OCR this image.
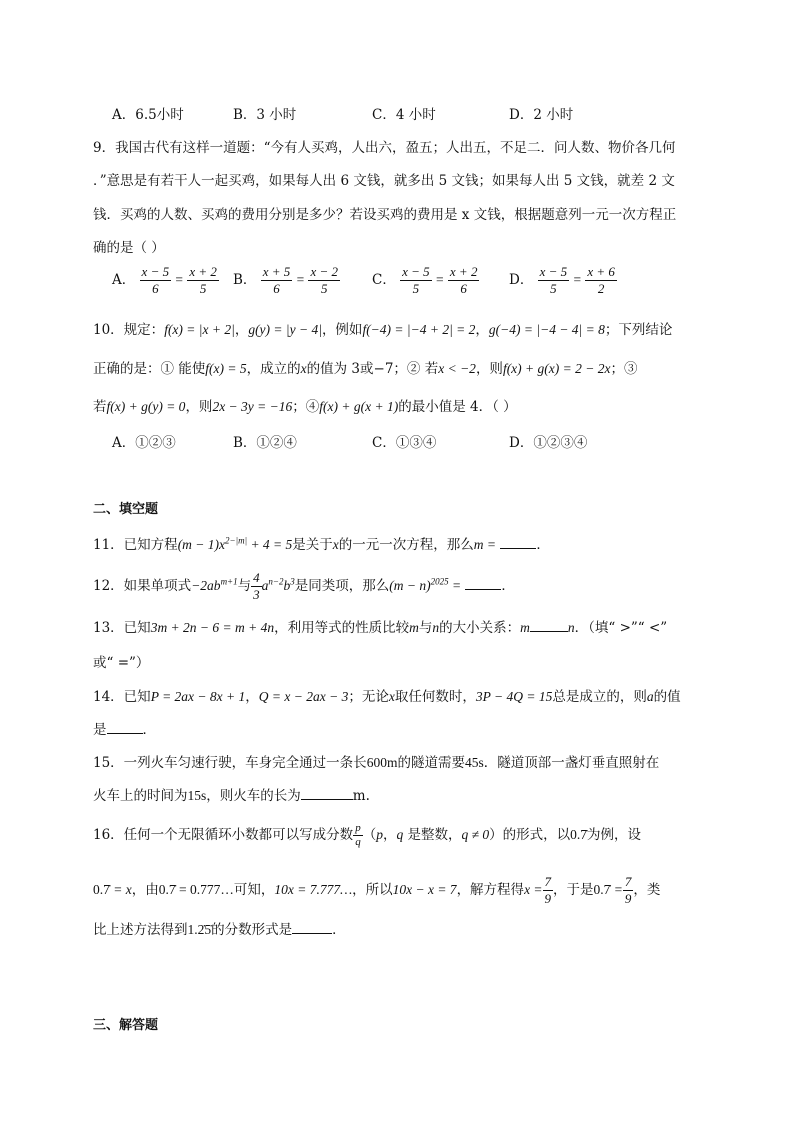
A．6.5小时	B．3 小时	C．4 小时	D．2 小时
9．我国古代有这样一道题：“今有人买鸡，人出六，盈五；人出五，不足二．问人数、物价各几何
．”意思是有若干人一起买鸡，如果每人出 6 文钱，就多出 5 文钱；如果每人出 5 文钱，就差 2 文
钱．买鸡的人数、买鸡的费用分别是多少？若设买鸡的费用是 x 文钱，根据题意列一元一次方程正
确的是（ ）
A． $\frac{x - 5}{6} = \frac{x + 2}{5}$ B． $\frac{x + 5}{6} = \frac{x - 2}{5}$ C． $\frac{x - 5}{5} = \frac{x + 2}{6}$ D． $\frac{x - 5}{5} = \frac{x + 6}{2}$
10．规定：f(x) = |x + 2|，g(y) = |y − 4|，例如f(−4) = |−4 + 2| = 2，g(−4) = |−4 − 4| = 8；下列结论
正确的是：① 能使f(x) = 5，成立的x的值为 3或−7；② 若x < −2，则f(x) + g(x) = 2 − 2x；③
若f(x) + g(y) = 0，则2x − 3y = −16；④f(x) + g(x + 1)的最小值是 4．（ ）
A．①②③	B．①②④	C．①③④	D．①②③④
二、填空题
11．已知方程$(m - 1)x^{2-|m|} + 4 = 5$是关于x的一元一次方程，那么m =	．
12．如果单项式$-2ab^{m+1}$与 $\frac{4}{3} a^{n-2}b^3$是同类项，那么$(m - n)^{2025}$ =	．
13．已知3m + 2n − 6 = m + 4n，利用等式的性质比较m与n的大小关系：m	n．（填“ >”“ <”
或“ =”）
14．已知P = 2ax − 8x + 1，Q = x − 2ax − 3；无论x取任何数时，3P − 4Q = 15总是成立的，则a的值
是	．
15．一列火车匀速行驶，车身完全通过一条长600m的隧道需要45s．隧道顶部一盏灯垂直照射在
火车上的时间为15s，则火车的长为	m.
16．任何一个无限循环小数都可以写成分数 $\frac{p}{q} (p$，q 是整数，q ≠ 0）的形式，以0.7̇为例，设
0.7̇ = x，由0.7̇ = 0.777…可知，10x = 7.777…，所以10x − x = 7，解方程得$x = \frac{7}{9}$ ，于是0.7̇ = $\frac{7}{9}$ ，类
比上述方法得到1.2̇5̇的分数形式是	．
三、解答题
